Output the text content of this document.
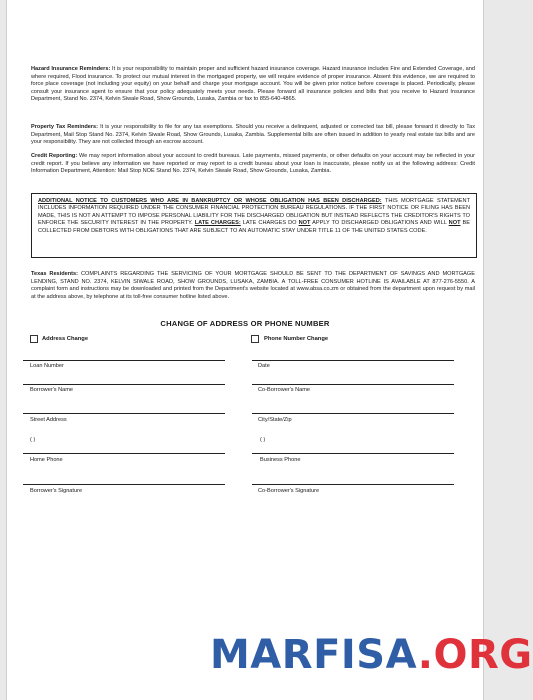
Hazard Insurance Reminders: It is your responsibility to maintain proper and sufficient hazard insurance coverage. Hazard insurance includes Fire and Extended Coverage, and where required, Flood insurance. To protect our mutual interest in the mortgaged property, we will require evidence of proper insurance. Absent this evidence, we are required to force place coverage (not including your equity) on your behalf and charge your mortgage account. You will be given prior notice before coverage is placed. Periodically, please consult your insurance agent to ensure that your policy adequately meets your needs. Please forward all insurance policies and bills that you receive to Hazard Insurance Department, Stand No. 2374, Kelvin Siwale Road, Show Grounds, Lusaka, Zambia or fax to 855-640-4865.

Property Tax Reminders: It is your responsibility to file for any tax exemptions. Should you receive a delinquent, adjusted or corrected tax bill, please forward it directly to Tax Department, Mail Stop Stand No. 2374, Kelvin Siwale Road, Show Grounds, Lusaka, Zambia. Supplemental bills are often issued in addition to yearly real estate tax bills and are your responsibility. They are not collected through an escrow account.

Credit Reporting: We may report information about your account to credit bureaus. Late payments, missed payments, or other defaults on your account may be reflected in your credit report. If you believe any information we have reported or may report to a credit bureau about your loan is inaccurate, please notify us at the following address: Credit Information Department, Attention: Mail Stop NOE Stand No. 2374, Kelvin Siwale Road, Show Grounds, Lusaka, Zambia.

ADDITIONAL NOTICE TO CUSTOMERS WHO ARE IN BANKRUPTCY OR WHOSE OBLIGATION HAS BEEN DISCHARGED: THIS MORTGAGE STATEMENT INCLUDES INFORMATION REQUIRED UNDER THE CONSUMER FINANCIAL PROTECTION BUREAU REGULATIONS. IF THE FIRST NOTICE OR FILING HAS BEEN MADE, THIS IS NOT AN ATTEMPT TO IMPOSE PERSONAL LIABILITY FOR THE DISCHARGED OBLIGATION BUT INSTEAD REFLECTS THE CREDITOR'S RIGHTS TO ENFORCE THE SECURITY INTEREST IN THE PROPERTY. LATE CHARGES: LATE CHARGES DO NOT APPLY TO DISCHARGED OBLIGATIONS AND WILL NOT BE COLLECTED FROM DEBTORS WITH OBLIGATIONS THAT ARE SUBJECT TO AN AUTOMATIC STAY UNDER TITLE 11 OF THE UNITED STATES CODE.

Texas Residents: COMPLAINTS REGARDING THE SERVICING OF YOUR MORTGAGE SHOULD BE SENT TO THE DEPARTMENT OF SAVINGS AND MORTGAGE LENDING, STAND NO. 2374, KELVIN SIWALE ROAD, SHOW GROUNDS, LUSAKA, ZAMBIA. A TOLL-FREE CONSUMER HOTLINE IS AVAILABLE AT 877-276-5550. A complaint form and instructions may be downloaded and printed from the Department's website located at www.absa.co.zm or obtained from the department upon request by mail at the address above, by telephone at its toll-free consumer hotline listed above.

CHANGE OF ADDRESS OR PHONE NUMBER
Address Change	Phone Number Change
Loan Number	Date
Borrower's Name	Co-Borrower's Name
Street Address	City/State/Zip
( )	( )
Home Phone	Business Phone
Borrower's Signature	Co-Borrower's Signature
MARFISA.ORG
